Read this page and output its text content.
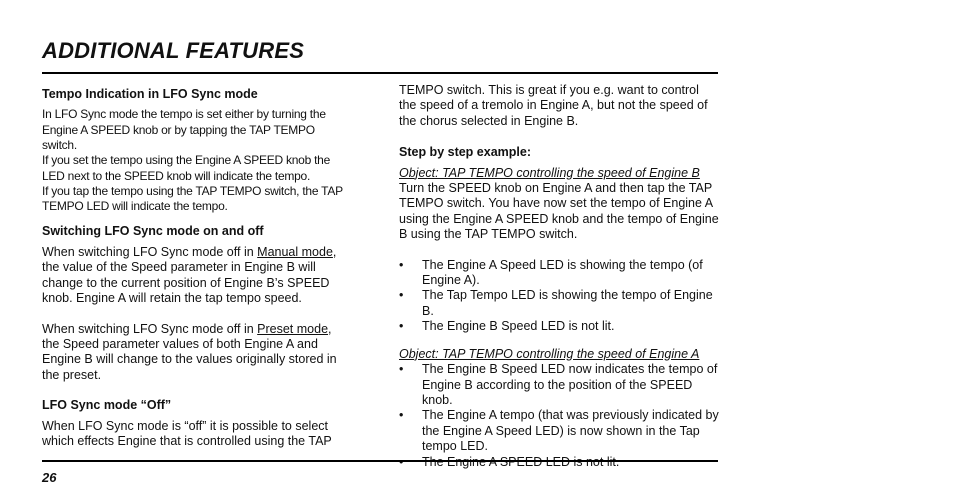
ADDITIONAL FEATURES
Tempo Indication in LFO Sync mode

In LFO Sync mode the tempo is set either by turning the Engine A SPEED knob or by tapping the TAP TEMPO switch.

If you set the tempo using the Engine A SPEED knob the LED next to the SPEED knob will indicate the tempo.

If you tap the tempo using the TAP TEMPO switch, the TAP TEMPO LED will indicate the tempo.

Switching LFO Sync mode on and off

When switching LFO Sync mode off in Manual mode, the value of the Speed parameter in Engine B will change to the current position of Engine B’s SPEED knob. Engine A will retain the tap tempo speed.

When switching LFO Sync mode off in Preset mode, the Speed parameter values of both Engine A and Engine B will change to the values originally stored in the preset.

LFO Sync mode “Off”

When LFO Sync mode is “off” it is possible to select which effects Engine that is controlled using the TAP

TEMPO switch. This is great if you e.g. want to control the speed of a tremolo in Engine A, but not the speed of the chorus selected in Engine B.

Step by step example:

Object: TAP TEMPO controlling the speed of Engine B

Turn the SPEED knob on Engine A and then tap the TAP TEMPO switch. You have now set the tempo of Engine A using the Engine A SPEED knob and the tempo of Engine B using the TAP TEMPO switch.

• The Engine A Speed LED is showing the tempo (of Engine A).
• The Tap Tempo LED is showing the tempo of Engine B.
• The Engine B Speed LED is not lit.

Object: TAP TEMPO controlling the speed of Engine A

• The Engine B Speed LED now indicates the tempo of Engine B according to the position of the SPEED knob.
• The Engine A tempo (that was previously indicated by the Engine A Speed LED) is now shown in the Tap tempo LED.
26
